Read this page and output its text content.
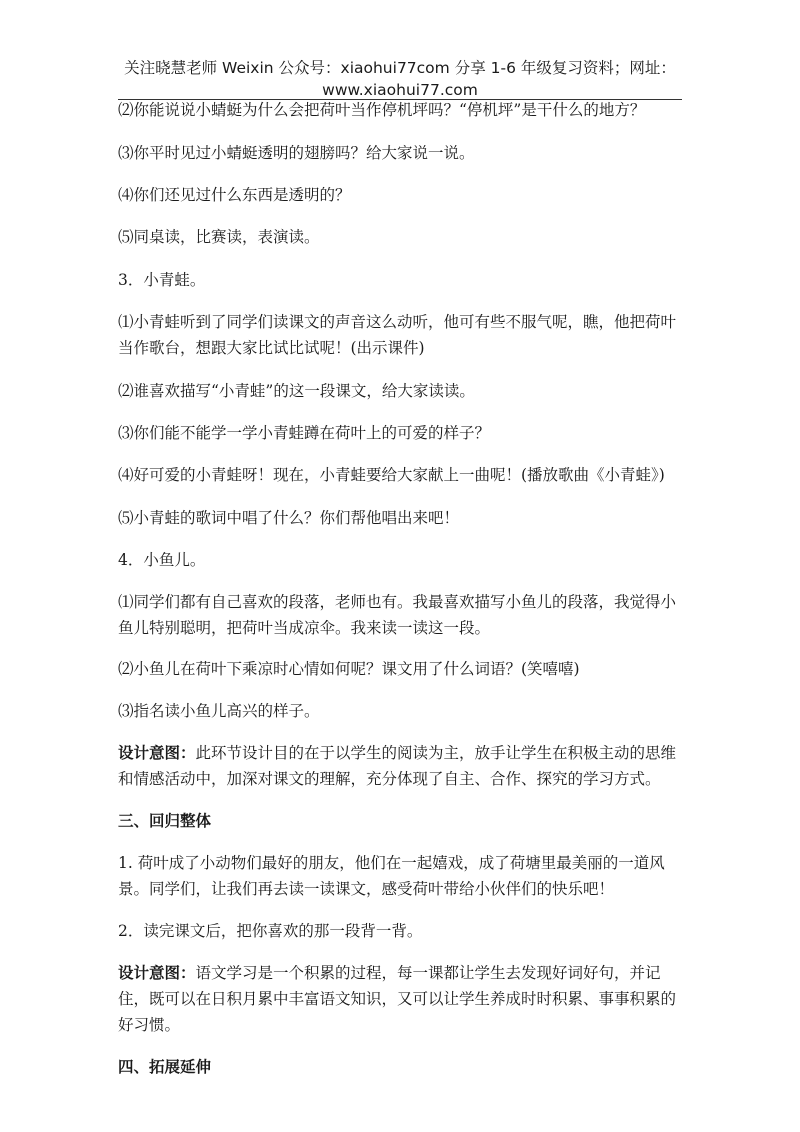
关注晓慧老师 Weixin 公众号：xiaohui77com 分享 1-6 年级复习资料；网址：
www.xiaohui77.com

⑵你能说说小蜻蜓为什么会把荷叶当作停机坪吗？“停机坪”是干什么的地方？

⑶你平时见过小蜻蜓透明的翅膀吗？给大家说一说。

⑷你们还见过什么东西是透明的？

⑸同桌读，比赛读，表演读。

3．小青蛙。

⑴小青蛙听到了同学们读课文的声音这么动听，他可有些不服气呢，瞧，他把荷叶当作歌台，想跟大家比试比试呢！(出示课件)

⑵谁喜欢描写“小青蛙”的这一段课文，给大家读读。

⑶你们能不能学一学小青蛙蹲在荷叶上的可爱的样子？

⑷好可爱的小青蛙呀！现在，小青蛙要给大家献上一曲呢！(播放歌曲《小青蛙》)

⑸小青蛙的歌词中唱了什么？你们帮他唱出来吧！

4．小鱼儿。

⑴同学们都有自己喜欢的段落，老师也有。我最喜欢描写小鱼儿的段落，我觉得小鱼儿特别聪明，把荷叶当成凉伞。我来读一读这一段。

⑵小鱼儿在荷叶下乘凉时心情如何呢？课文用了什么词语？(笑嘻嘻)

⑶指名读小鱼儿高兴的样子。

设计意图：此环节设计目的在于以学生的阅读为主，放手让学生在积极主动的思维和情感活动中，加深对课文的理解，充分体现了自主、合作、探究的学习方式。

三、回归整体

1. 荷叶成了小动物们最好的朋友，他们在一起嬉戏，成了荷塘里最美丽的一道风景。同学们，让我们再去读一读课文，感受荷叶带给小伙伴们的快乐吧！

2．读完课文后，把你喜欢的那一段背一背。

设计意图：语文学习是一个积累的过程，每一课都让学生去发现好词好句，并记住，既可以在日积月累中丰富语文知识，又可以让学生养成时时积累、事事积累的好习惯。

四、拓展延伸
